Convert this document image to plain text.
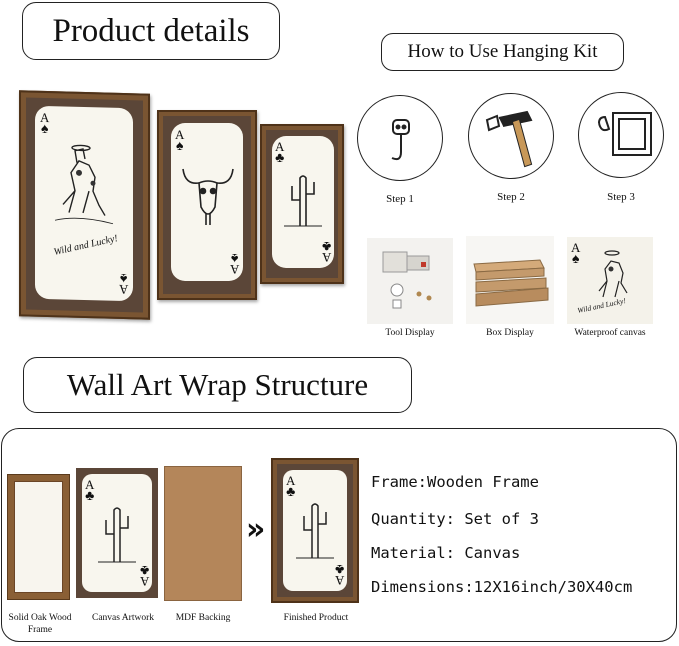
Product details
How to Use Hanging Kit
A
♠
Wild and Lucky!
A
♠
A
♠
A
♠
A
♣
A
♣
Step 1	Step 2	Step 3
Tool Display	Box Display
A
♠
Wild and Lucky!
Waterproof canvas
Wall Art Wrap Structure
Solid Oak Wood Frame
A
♣
A
♣
Canvas Artwork	MDF Backing
»
A
♣
A
♣
Finished Product
Frame:Wooden Frame
Quantity: Set of 3
Material: Canvas
Dimensions:12X16inch/30X40cm
